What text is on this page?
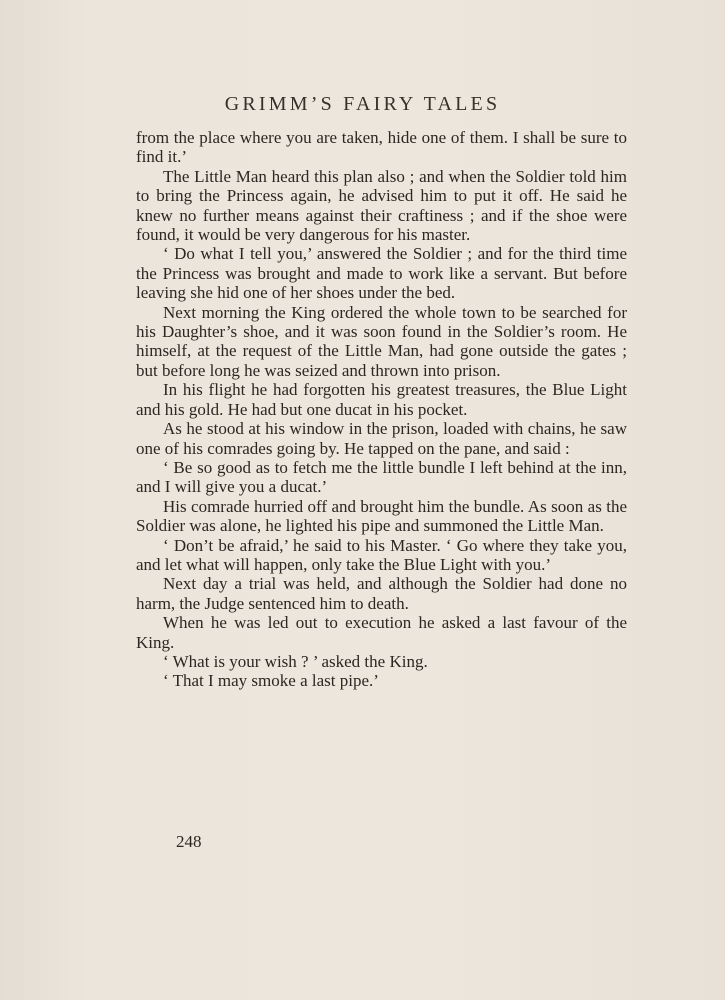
GRIMM’S FAIRY TALES

from the place where you are taken, hide one of them. I shall be sure to find it.’

The Little Man heard this plan also ; and when the Soldier told him to bring the Princess again, he advised him to put it off. He said he knew no further means against their craftiness ; and if the shoe were found, it would be very dangerous for his master.

‘ Do what I tell you,’ answered the Soldier ; and for the third time the Princess was brought and made to work like a servant. But before leaving she hid one of her shoes under the bed.

Next morning the King ordered the whole town to be searched for his Daughter’s shoe, and it was soon found in the Soldier’s room. He himself, at the request of the Little Man, had gone outside the gates ; but before long he was seized and thrown into prison.

In his flight he had forgotten his greatest treasures, the Blue Light and his gold. He had but one ducat in his pocket.

As he stood at his window in the prison, loaded with chains, he saw one of his comrades going by. He tapped on the pane, and said :

‘ Be so good as to fetch me the little bundle I left behind at the inn, and I will give you a ducat.’

His comrade hurried off and brought him the bundle. As soon as the Soldier was alone, he lighted his pipe and summoned the Little Man.

‘ Don’t be afraid,’ he said to his Master. ‘ Go where they take you, and let what will happen, only take the Blue Light with you.’

Next day a trial was held, and although the Soldier had done no harm, the Judge sentenced him to death.

When he was led out to execution he asked a last favour of the King.

‘ What is your wish ? ’ asked the King.

‘ That I may smoke a last pipe.’

248
